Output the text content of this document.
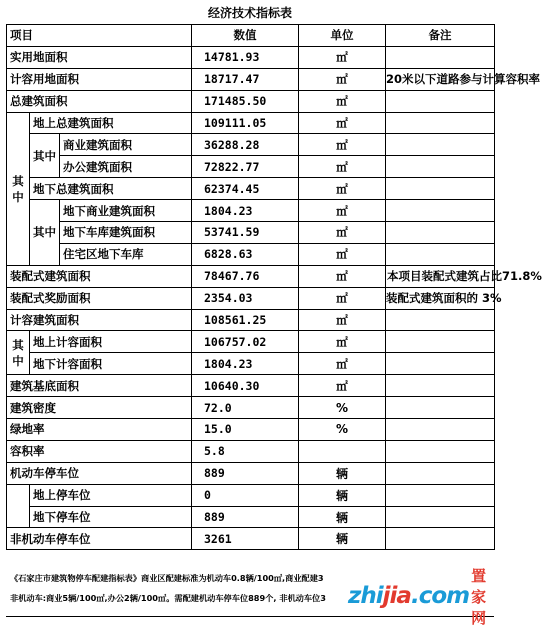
经济技术指标表
项目			数值	单位	备注
实用地面积			14781.93	㎡	
计容用地面积			18717.47	㎡	20米以下道路参与计算容积率
总建筑面积			171485.50	㎡	
其中	地上总建筑面积		109111.05	㎡	
	其中	商业建筑面积	36288.28	㎡	
		办公建筑面积	72822.77	㎡	
	地下总建筑面积		62374.45	㎡	
	其中	地下商业建筑面积	1804.23	㎡	
		地下车库建筑面积	53741.59	㎡	
		住宅区地下车库	6828.63	㎡	
装配式建筑面积			78467.76	㎡	本项目装配式建筑占比71.8%
装配式奖励面积			2354.03	㎡	装配式建筑面积的 3%
计容建筑面积			108561.25	㎡	
其中	地上计容面积		106757.02	㎡	
	地下计容面积		1804.23	㎡	
建筑基底面积			10640.30	㎡	
建筑密度			72.0	%	
绿地率			15.0	%	
容积率			5.8		
机动车停车位			889	辆	
	地上停车位		0	辆	
	地下停车位		889	辆	
非机动车停车位			3261	辆	
《石家庄市建筑物停车配建指标表》商业区配建标准为机动车0.8辆/100㎡,商业配建3
非机动车:商业5辆/100㎡,办公2辆/100㎡。需配建机动车停车位889个, 非机动车位3 zhijia.com
置家网
